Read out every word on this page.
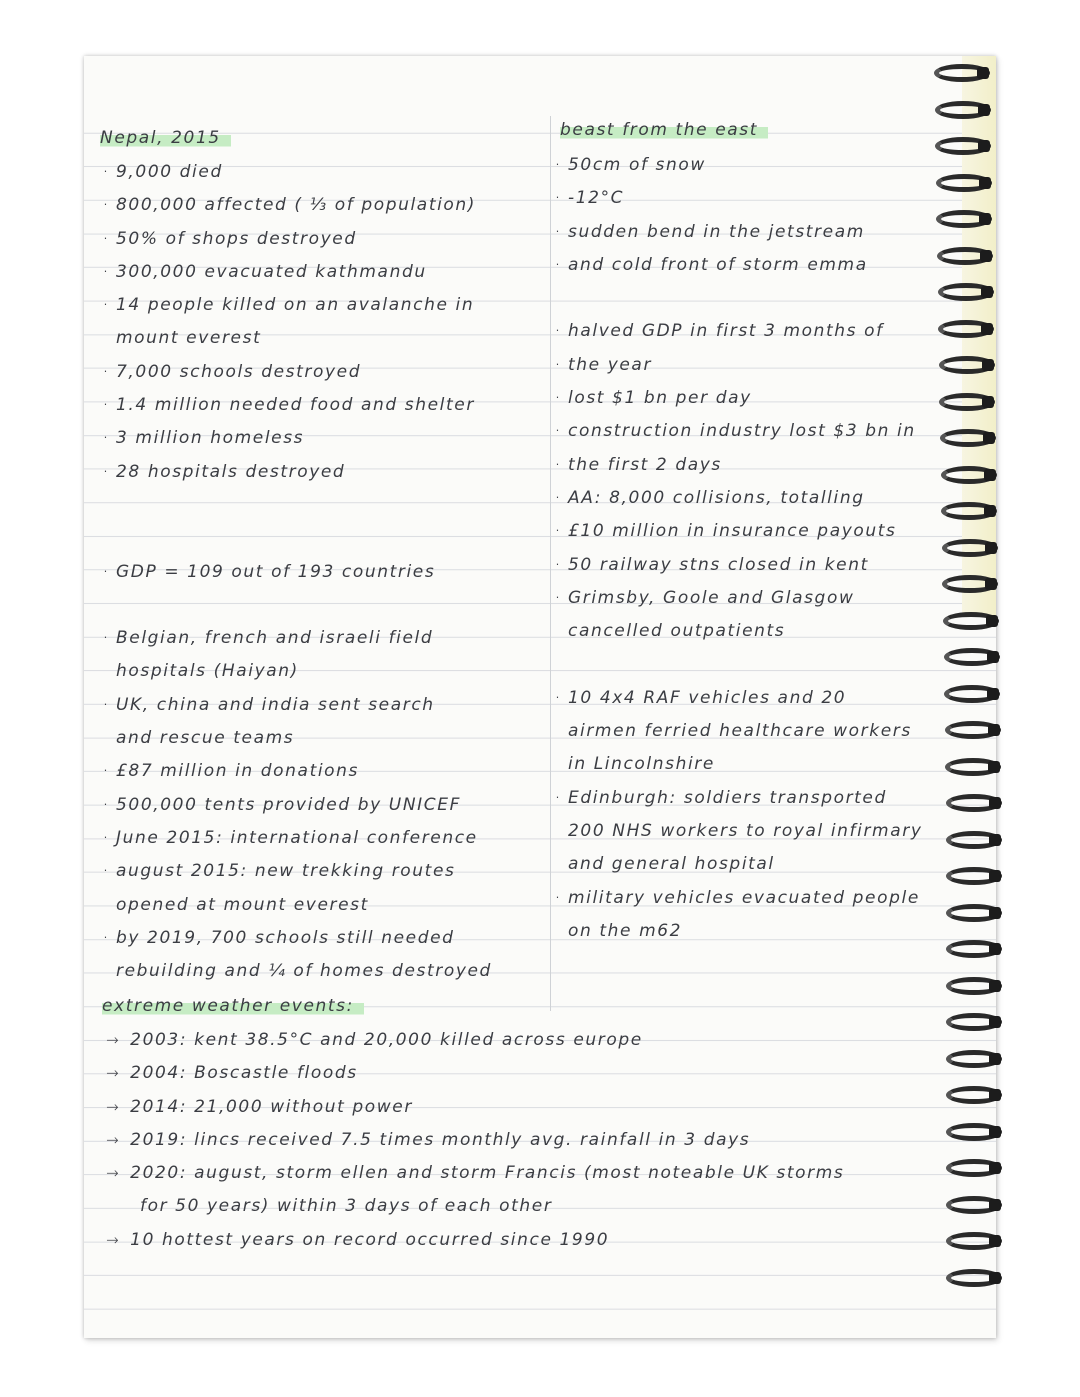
Nepal, 2015
· 9,000 died
· 800,000 affected ( ⅓ of population)
· 50% of shops destroyed
· 300,000 evacuated kathmandu
· 14 people killed on an avalanche in
mount everest
· 7,000 schools destroyed
· 1.4 million needed food and shelter
· 3 million homeless
· 28 hospitals destroyed
· GDP = 109 out of 193 countries
· Belgian, french and israeli field
hospitals (Haiyan)
· UK, china and india sent search
and rescue teams
· £87 million in donations
· 500,000 tents provided by UNICEF
· June 2015: international conference
· august 2015: new trekking routes
opened at mount everest
· by 2019, 700 schools still needed
rebuilding and ¼ of homes destroyed
beast from the east
· 50cm of snow
· -12°C
· sudden bend in the jetstream
· and cold front of storm emma
· halved GDP in first 3 months of
· the year
· lost $1 bn per day
· construction industry lost $3 bn in
· the first 2 days
· AA: 8,000 collisions, totalling
· £10 million in insurance payouts
· 50 railway stns closed in kent
· Grimsby, Goole and Glasgow
cancelled outpatients
· 10 4x4 RAF vehicles and 20
airmen ferried healthcare workers
in Lincolnshire
· Edinburgh: soldiers transported
200 NHS workers to royal infirmary
and general hospital
· military vehicles evacuated people
on the m62
extreme weather events:
→ 2003: kent 38.5°C and 20,000 killed across europe
→ 2004: Boscastle floods
→ 2014: 21,000 without power
→ 2019: lincs received 7.5 times monthly avg. rainfall in 3 days
→ 2020: august, storm ellen and storm Francis (most noteable UK storms
for 50 years) within 3 days of each other
→ 10 hottest years on record occurred since 1990
